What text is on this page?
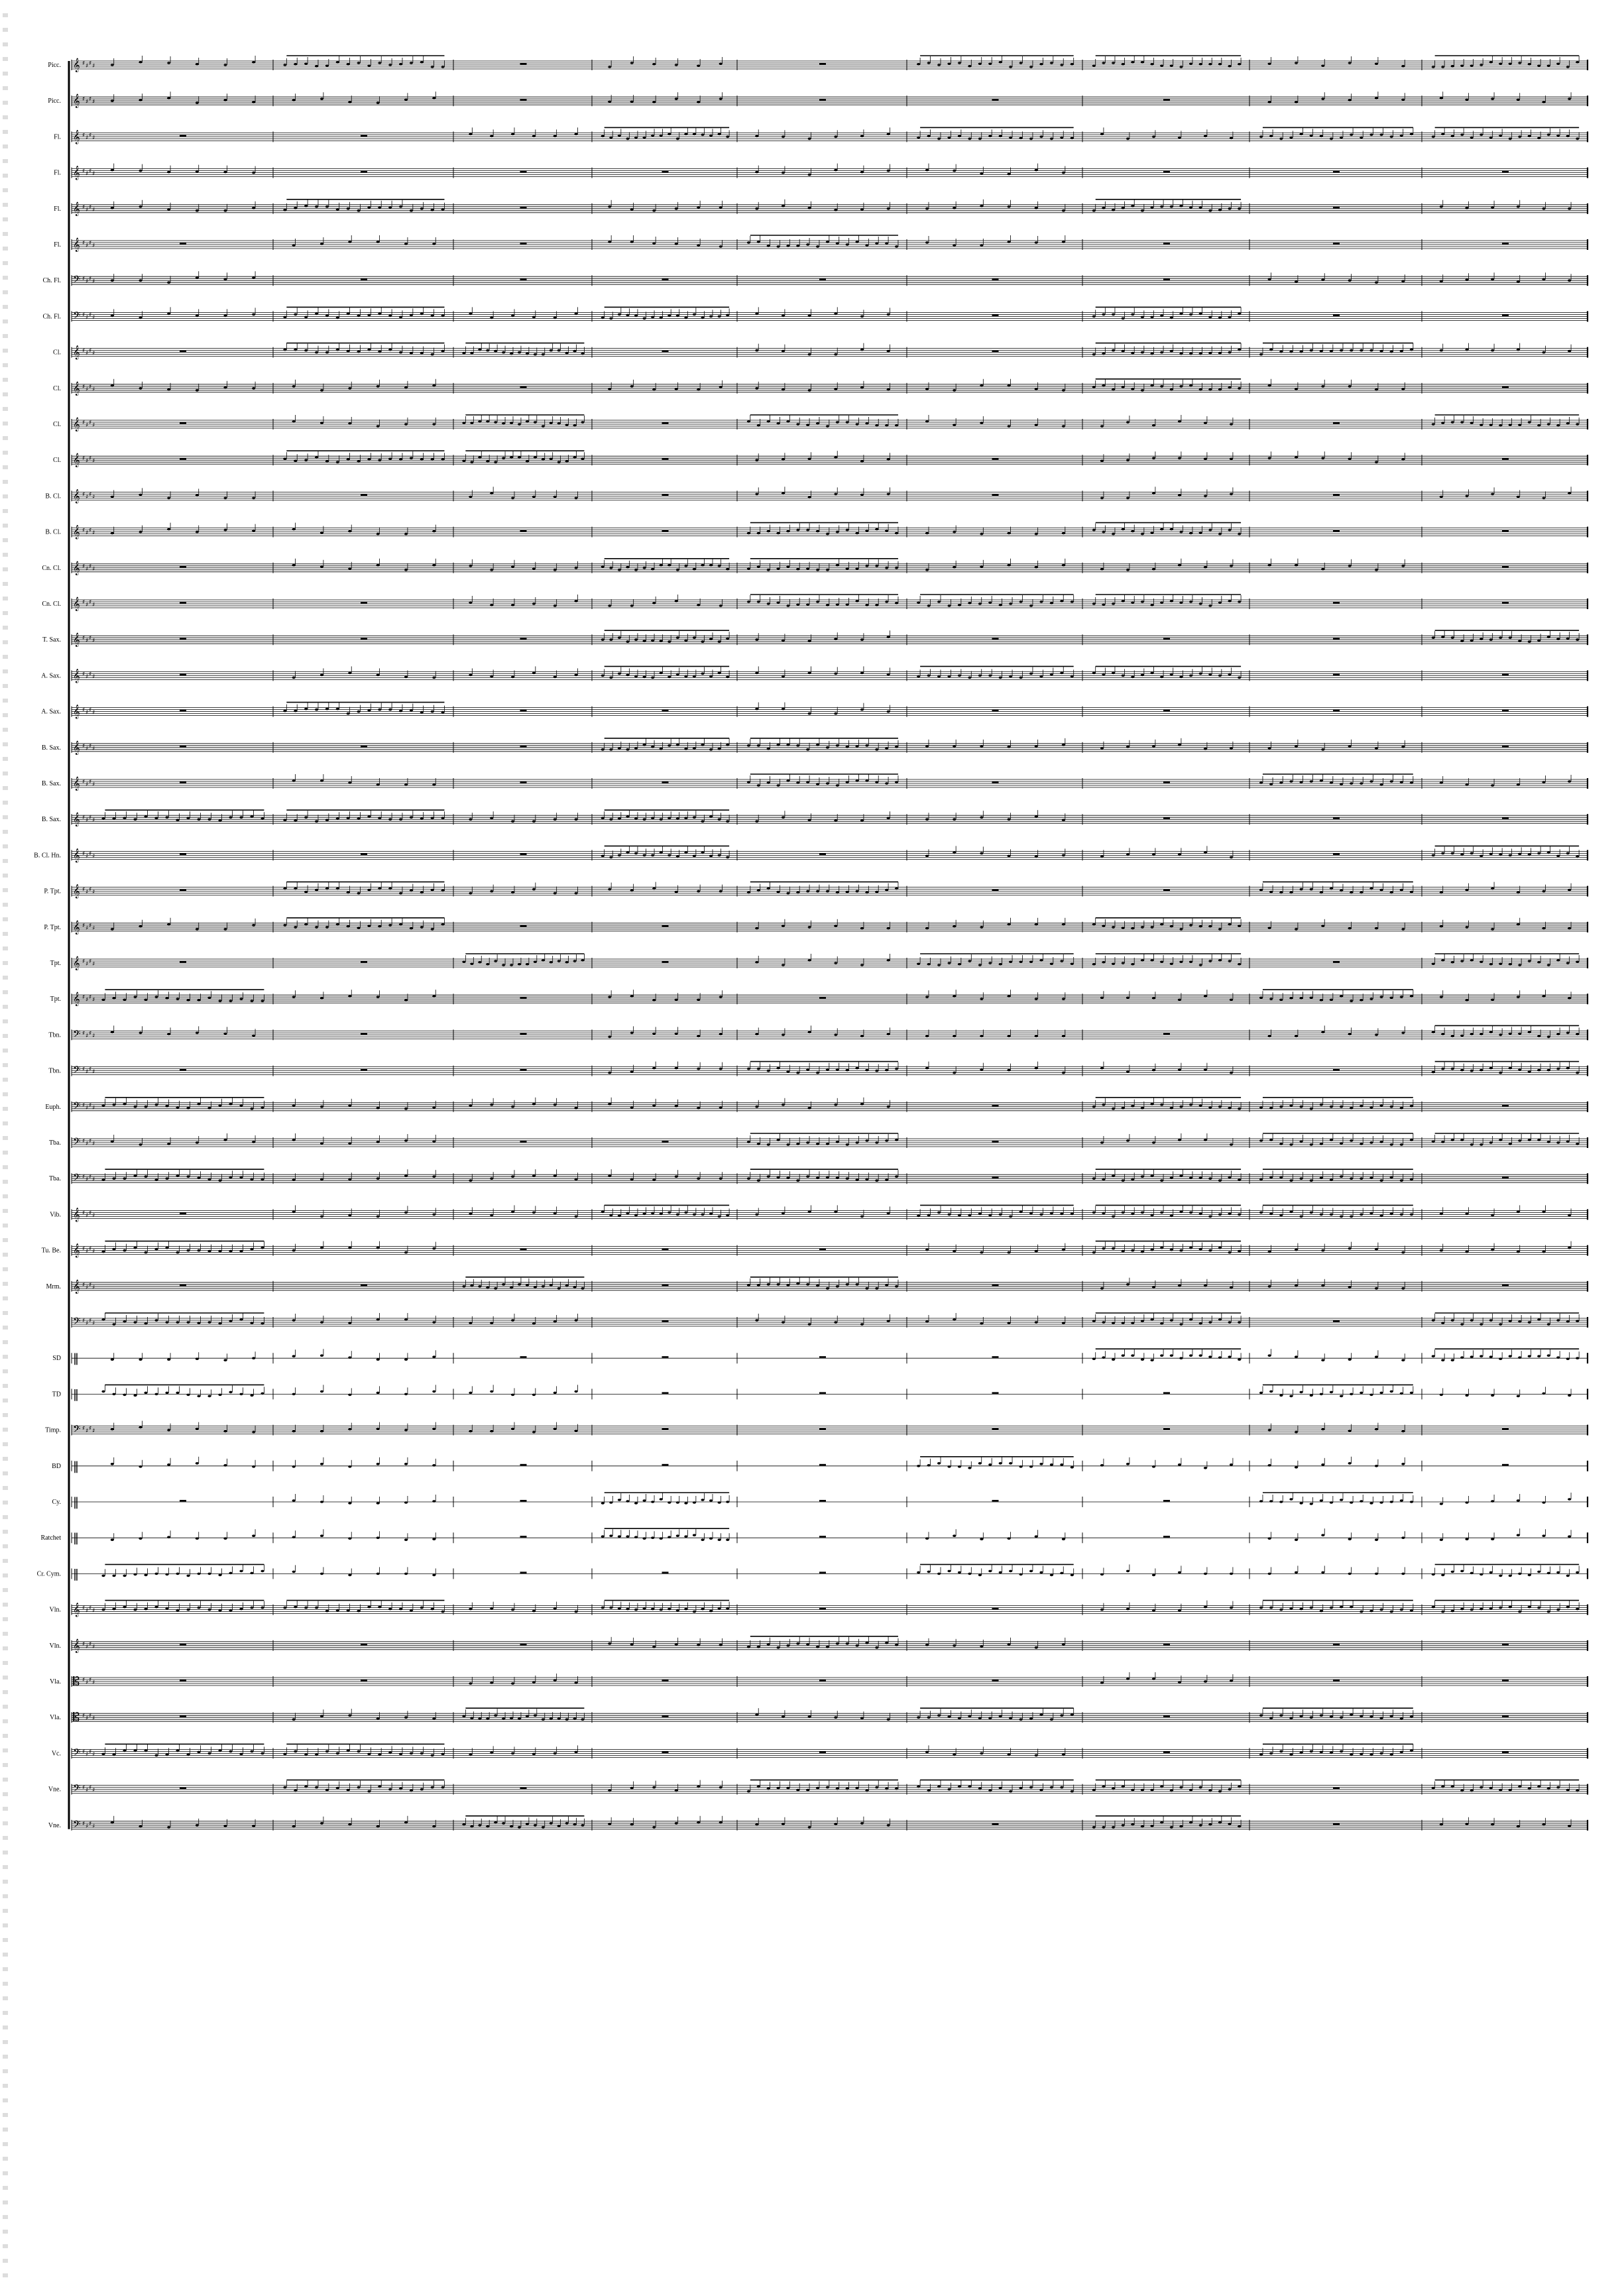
Picc. 𝄞 ♯ ♯ ♯ ♯
Picc. 𝄞 ♯ ♯ ♯ ♯
Fl. 𝄞 ♯ ♯ ♯ ♯
Fl. 𝄞 ♯ ♯ ♯ ♯
Fl. 𝄞 ♯ ♯ ♯ ♯
Fl. 𝄞 ♯ ♯ ♯ ♯
Ch. Fl. 𝄢 ♯ ♯ ♯ ♯
Ch. Fl. 𝄢 ♯ ♯ ♯ ♯
Cl. 𝄞 ♯ ♯ ♯ ♯
Cl. 𝄞 ♯ ♯ ♯ ♯
Cl. 𝄞 ♯ ♯ ♯ ♯
Cl. 𝄞 ♯ ♯ ♯ ♯
B. Cl. 𝄞 ♯ ♯ ♯ ♯
B. Cl. 𝄞 ♯ ♯ ♯ ♯
Cn. Cl. 𝄞 ♯ ♯ ♯ ♯
Cn. Cl. 𝄞 ♯ ♯ ♯ ♯
T. Sax. 𝄞 ♯ ♯ ♯ ♯
A. Sax. 𝄞 ♯ ♯ ♯ ♯
A. Sax. 𝄞 ♯ ♯ ♯ ♯
B. Sax. 𝄞 ♯ ♯ ♯ ♯
B. Sax. 𝄞 ♯ ♯ ♯ ♯
B. Sax. 𝄞 ♯ ♯ ♯ ♯
B. Cl. Hn. 𝄞 ♯ ♯ ♯ ♯
P. Tpt. 𝄞 ♯ ♯ ♯ ♯
P. Tpt. 𝄞 ♯ ♯ ♯ ♯
Tpt. 𝄞 ♯ ♯ ♯ ♯
Tpt. 𝄞 ♯ ♯ ♯ ♯
Tbn. 𝄢 ♯ ♯ ♯ ♯
Tbn. 𝄢 ♯ ♯ ♯ ♯
Euph. 𝄢 ♯ ♯ ♯ ♯
Tba. 𝄢 ♯ ♯ ♯ ♯
Tba. 𝄢 ♯ ♯ ♯ ♯
Vib. 𝄞 ♯ ♯ ♯ ♯
Tu. Be. 𝄞 ♯ ♯ ♯ ♯
Mrm. 𝄞 ♯ ♯ ♯ ♯
𝄢 ♯ ♯ ♯ ♯
SD ‖
TD ‖
Timp. 𝄢 ♯ ♯ ♯ ♯
BD ‖
Cy. ‖
Ratchet ‖
Cr. Cym. ‖
Vln. 𝄞 ♯ ♯ ♯ ♯
Vln. 𝄞 ♯ ♯ ♯ ♯
Vla. 𝄡 ♯ ♯ ♯ ♯
Vla. 𝄡 ♯ ♯ ♯ ♯
Vc. 𝄢 ♯ ♯ ♯ ♯
Vne. 𝄢 ♯ ♯ ♯ ♯
Vne. 𝄢 ♯ ♯ ♯ ♯
